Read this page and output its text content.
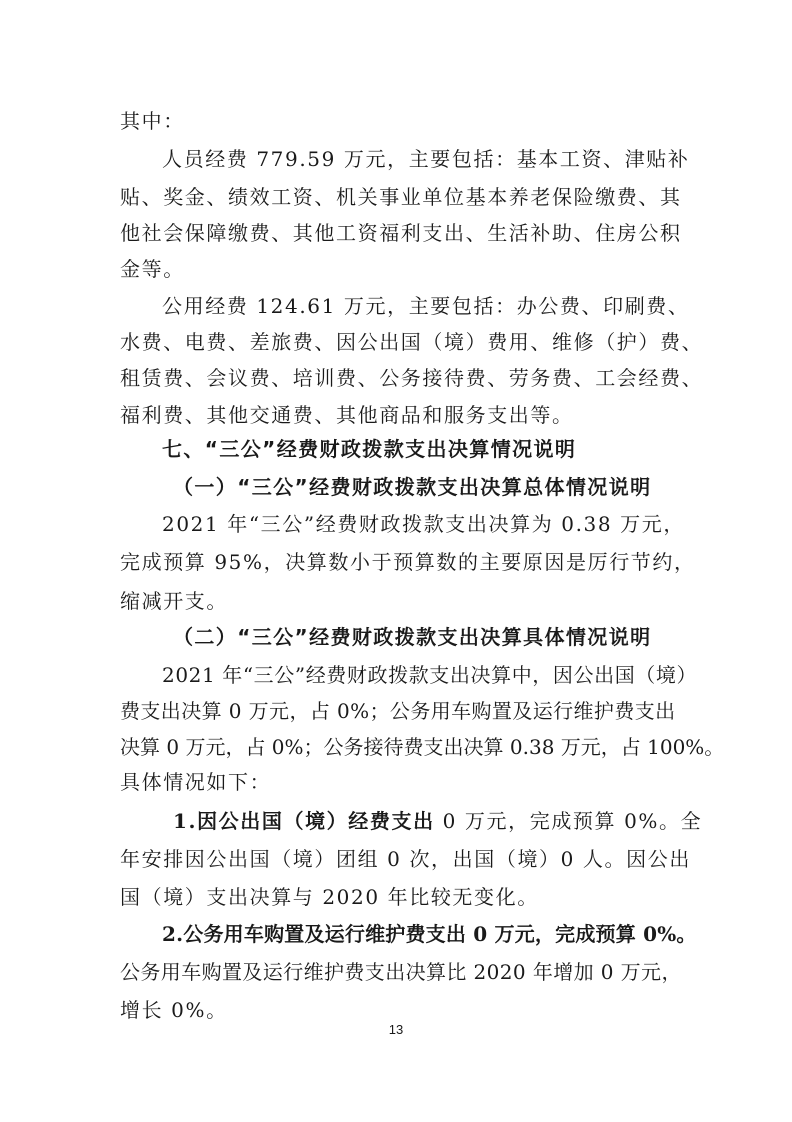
其中：

人员经费 779.59 万元，主要包括：基本工资、津贴补

贴、奖金、绩效工资、机关事业单位基本养老保险缴费、其

他社会保障缴费、其他工资福利支出、生活补助、住房公积

金等。

公用经费 124.61 万元，主要包括：办公费、印刷费、

水费、电费、差旅费、因公出国（境）费用、维修（护）费、

租赁费、会议费、培训费、公务接待费、劳务费、工会经费、

福利费、其他交通费、其他商品和服务支出等。

七、“三公”经费财政拨款支出决算情况说明

（一）“三公”经费财政拨款支出决算总体情况说明

2021 年“三公”经费财政拨款支出决算为 0.38 万元，

完成预算 95%，决算数小于预算数的主要原因是厉行节约，

缩减开支。

（二）“三公”经费财政拨款支出决算具体情况说明

2021 年“三公”经费财政拨款支出决算中，因公出国（境）

费支出决算 0 万元，占 0%；公务用车购置及运行维护费支出

决算 0 万元，占 0%；公务接待费支出决算 0.38 万元，占 100%。

具体情况如下：

1.因公出国（境）经费支出 0 万元，完成预算 0%。全

年安排因公出国（境）团组 0 次，出国（境）0 人。因公出

国（境）支出决算与 2020 年比较无变化。

2.公务用车购置及运行维护费支出 0 万元，完成预算 0%。

公务用车购置及运行维护费支出决算比 2020 年增加 0 万元，

增长 0%。

13
